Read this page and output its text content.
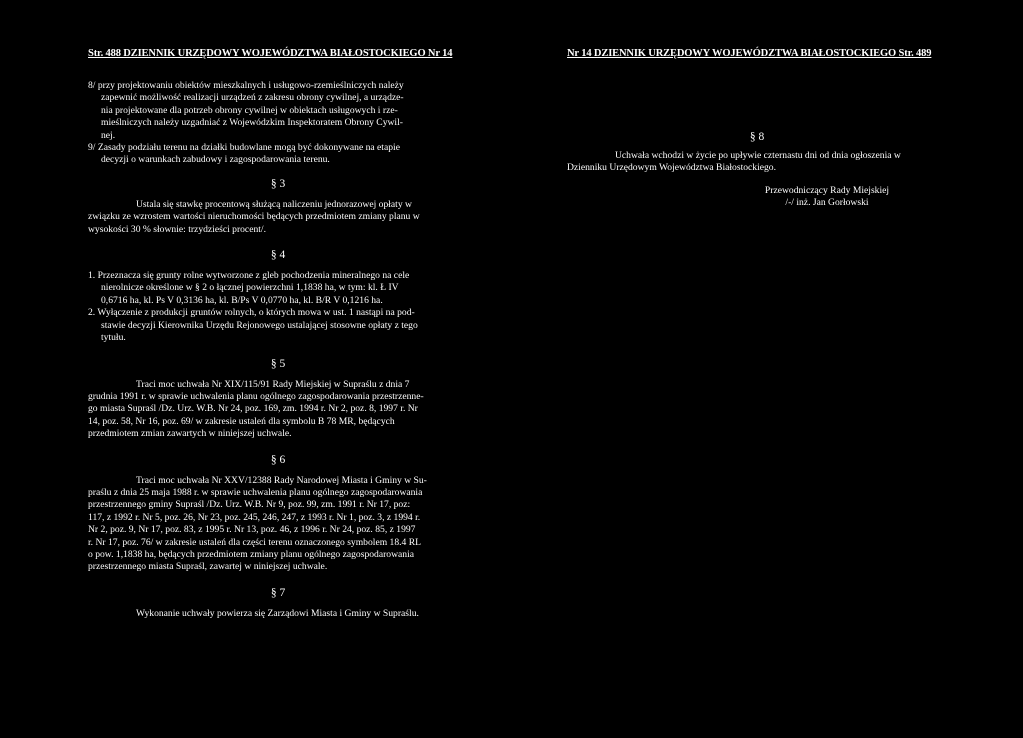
Str. 488 DZIENNIK URZĘDOWY WOJEWÓDZTWA BIAŁOSTOCKIEGO Nr 14	Nr 14 DZIENNIK URZĘDOWY WOJEWÓDZTWA BIAŁOSTOCKIEGO Str. 489

8/ przy projektowaniu obiektów mieszkalnych i usługowo-rzemieślniczych należy

zapewnić możliwość realizacji urządzeń z zakresu obrony cywilnej, a urządze-

nia projektowane dla potrzeb obrony cywilnej w obiektach usługowych i rze-

mieślniczych należy uzgadniać z Wojewódzkim Inspektoratem Obrony Cywil-

nej.

9/ Zasady podziału terenu na działki budowlane mogą być dokonywane na etapie

decyzji o warunkach zabudowy i zagospodarowania terenu.

§ 3

Ustala się stawkę procentową służącą naliczeniu jednorazowej opłaty w

związku ze wzrostem wartości nieruchomości będących przedmiotem zmiany planu w

wysokości 30 % słownie: trzydzieści procent/.

§ 4

1. Przeznacza się grunty rolne wytworzone z gleb pochodzenia mineralnego na cele

nierolnicze określone w § 2 o łącznej powierzchni 1,1838 ha, w tym: kl. Ł IV

0,6716 ha, kl. Ps V 0,3136 ha, kl. B/Ps V 0,0770 ha, kl. B/R V 0,1216 ha.

2. Wyłączenie z produkcji gruntów rolnych, o których mowa w ust. 1 nastąpi na pod-

stawie decyzji Kierownika Urzędu Rejonowego ustalającej stosowne opłaty z tego

tytułu.

§ 5

Traci moc uchwała Nr XIX/115/91 Rady Miejskiej w Supraślu z dnia 7

grudnia 1991 r. w sprawie uchwalenia planu ogólnego zagospodarowania przestrzenne-

go miasta Supraśl /Dz. Urz. W.B. Nr 24, poz. 169, zm. 1994 r. Nr 2, poz. 8, 1997 r. Nr

14, poz. 58, Nr 16, poz. 69/ w zakresie ustaleń dla symbolu B 78 MR, będących

przedmiotem zmian zawartych w niniejszej uchwale.

§ 6

Traci moc uchwała Nr XXV/12388 Rady Narodowej Miasta i Gminy w Su-

praślu z dnia 25 maja 1988 r. w sprawie uchwalenia planu ogólnego zagospodarowania

przestrzennego gminy Supraśl /Dz. Urz. W.B. Nr 9, poz. 99, zm. 1991 r. Nr 17, poz:

117, z 1992 r. Nr 5, poz. 26, Nr 23, poz. 245, 246, 247, z 1993 r. Nr 1, poz. 3, z 1994 r.

Nr 2, poz. 9, Nr 17, poz. 83, z 1995 r. Nr 13, poz. 46, z 1996 r. Nr 24, poz. 85, z 1997

r. Nr 17, poz. 76/ w zakresie ustaleń dla części terenu oznaczonego symbolem 18.4 RL

o pow. 1,1838 ha, będących przedmiotem zmiany planu ogólnego zagospodarowania

przestrzennego miasta Supraśl, zawartej w niniejszej uchwale.

§ 7

Wykonanie uchwały powierza się Zarządowi Miasta i Gminy w Supraślu.

§ 8

Uchwała wchodzi w życie po upływie czternastu dni od dnia ogłoszenia w

Dzienniku Urzędowym Województwa Białostockiego.

Przewodniczący Rady Miejskiej

/-/ inż. Jan Gorłowski
